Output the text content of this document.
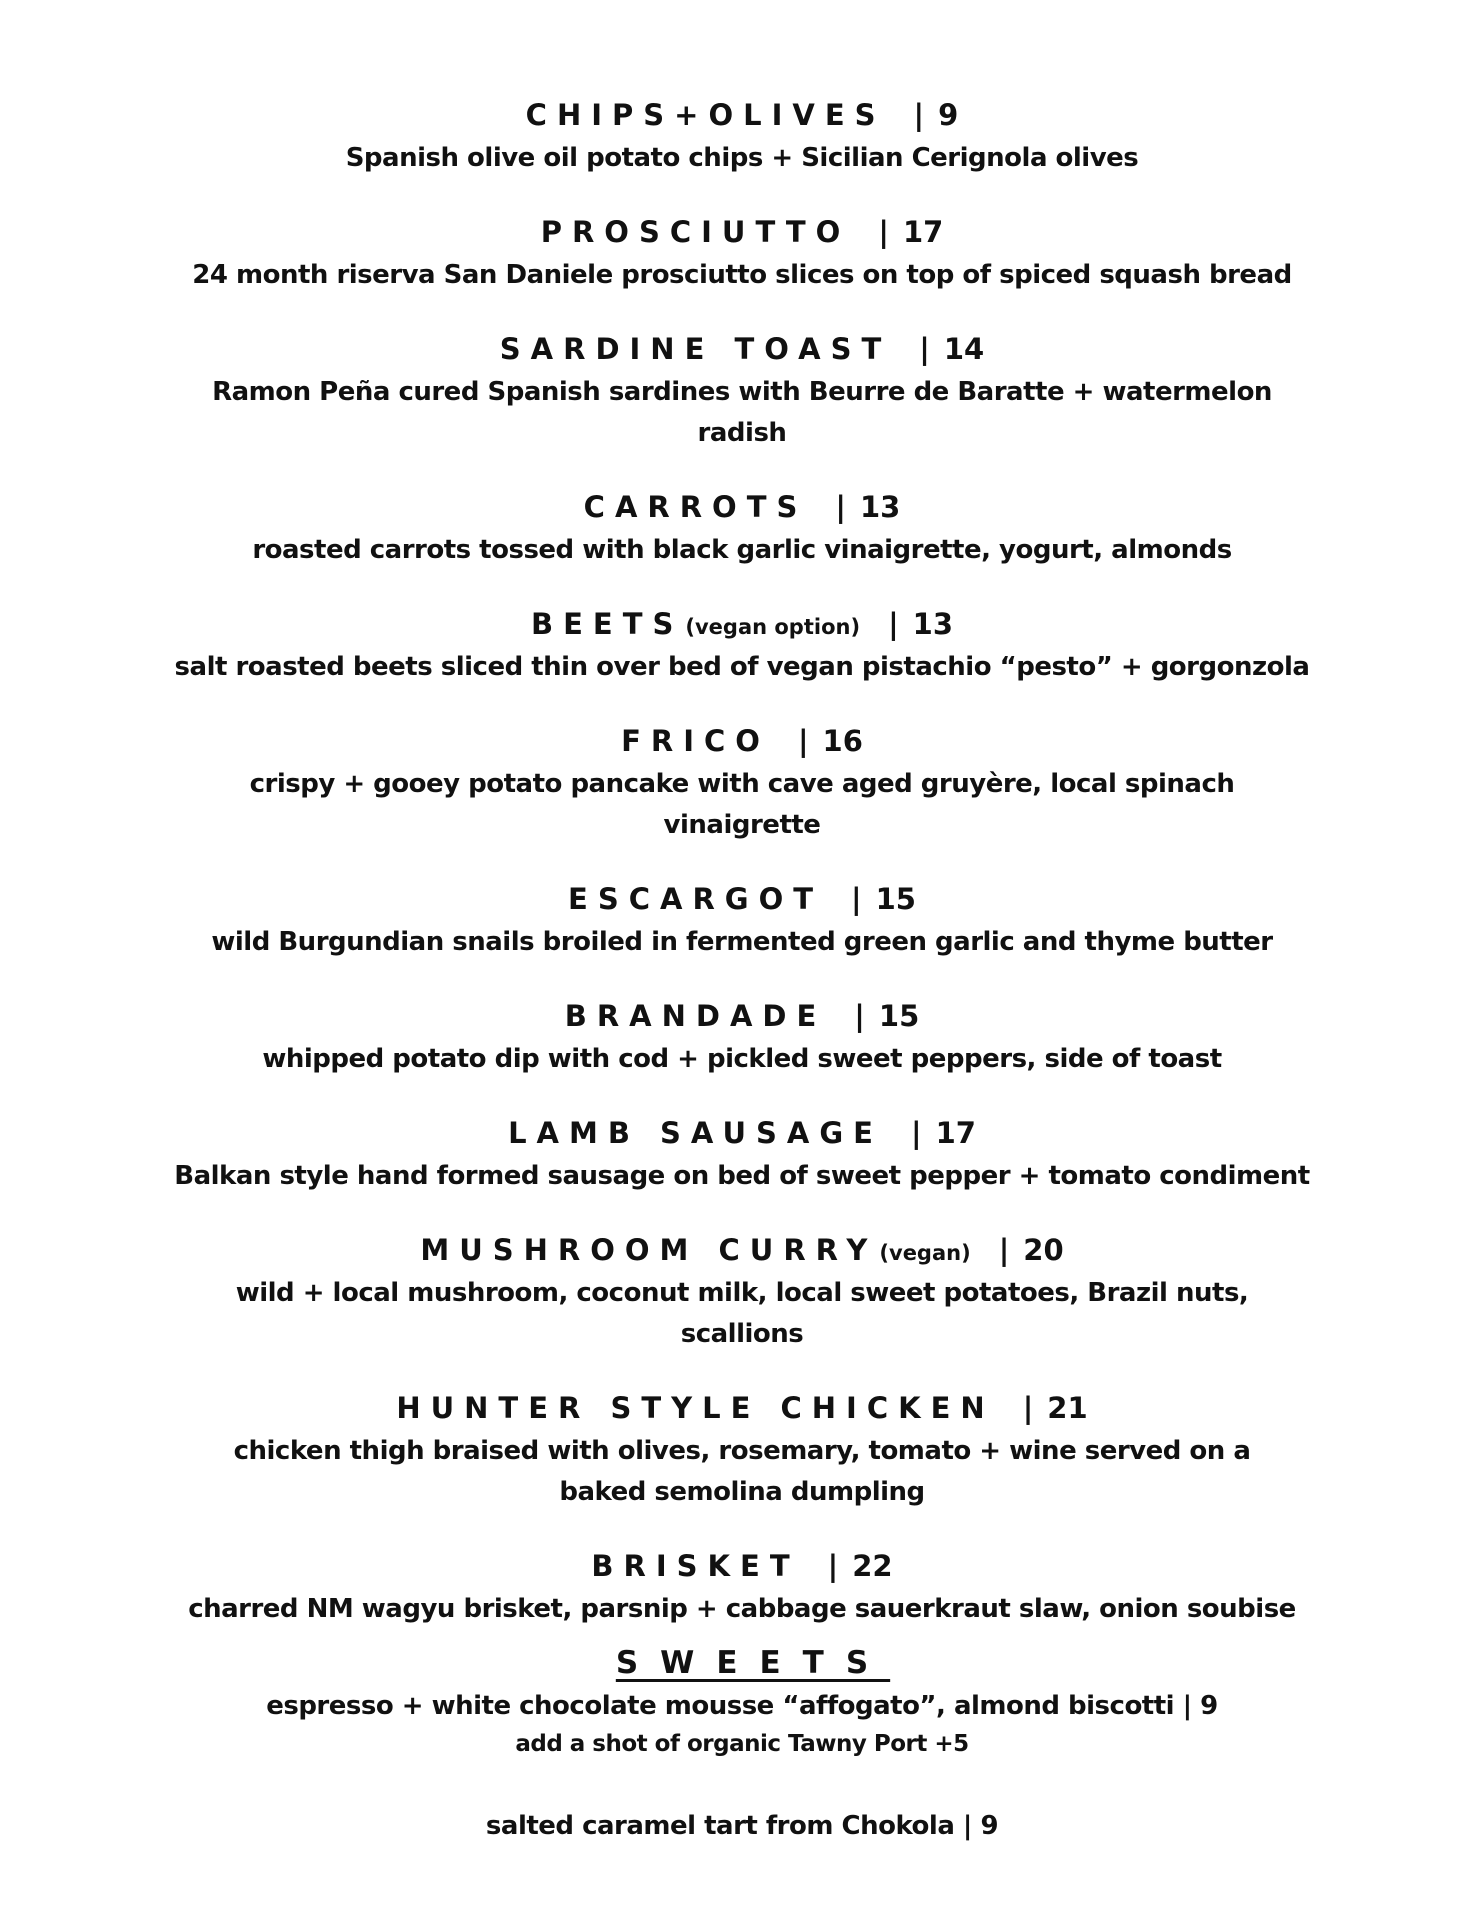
CHIPS+OLIVES | 9
Spanish olive oil potato chips + Sicilian Cerignola olives
PROSCIUTTO | 17
24 month riserva San Daniele prosciutto slices on top of spiced squash bread
SARDINE TOAST | 14
Ramon Peña cured Spanish sardines with Beurre de Baratte + watermelon radish
CARROTS | 13
roasted carrots tossed with black garlic vinaigrette, yogurt, almonds
BEETS(vegan option) | 13
salt roasted beets sliced thin over bed of vegan pistachio “pesto” + gorgonzola
FRICO | 16
crispy + gooey potato pancake with cave aged gruyère, local spinach vinaigrette
ESCARGOT | 15
wild Burgundian snails broiled in fermented green garlic and thyme butter
BRANDADE | 15
whipped potato dip with cod + pickled sweet peppers, side of toast
LAMB SAUSAGE | 17
Balkan style hand formed sausage on bed of sweet pepper + tomato condiment
MUSHROOM CURRY(vegan) | 20
wild + local mushroom, coconut milk, local sweet potatoes, Brazil nuts, scallions
HUNTER STYLE CHICKEN | 21
chicken thigh braised with olives, rosemary, tomato + wine served on a baked semolina dumpling
BRISKET | 22
charred NM wagyu brisket, parsnip + cabbage sauerkraut slaw, onion soubise
SWEETS
espresso + white chocolate mousse “affogato”, almond biscotti | 9
add a shot of organic Tawny Port +5
salted caramel tart from Chokola | 9
